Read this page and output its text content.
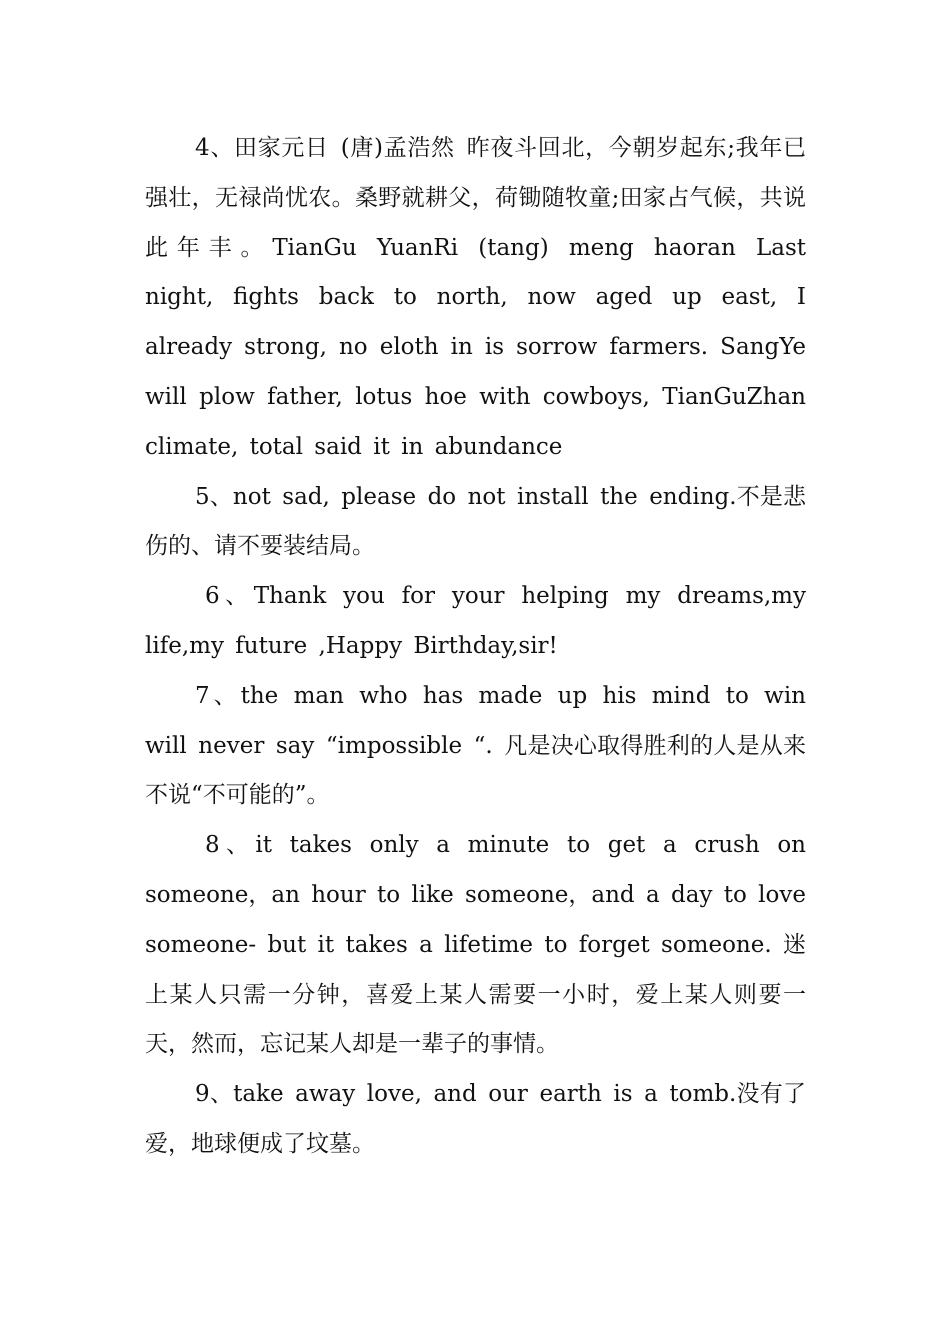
4、田家元日 (唐)孟浩然 昨夜斗回北，今朝岁起东;我年已强壮，无禄尚忧农。桑野就耕父，荷锄随牧童;田家占气候，共说此年丰。TianGu YuanRi (tang) meng haoran Last night, fights back to north, now aged up east, I already strong, no eloth in is sorrow farmers. SangYe will plow father, lotus hoe with cowboys, TianGuZhan climate, total said it in abundance

5、not sad, please do not install the ending.不是悲伤的、请不要装结局。

6、Thank you for your helping my dreams,my life,my future ,Happy Birthday,sir!

7、the man who has made up his mind to win will never say “impossible “. 凡是决心取得胜利的人是从来不说“不可能的”。

8、it takes only a minute to get a crush on someone，an hour to like someone，and a day to love someone- but it takes a lifetime to forget someone. 迷上某人只需一分钟，喜爱上某人需要一小时，爱上某人则要一天，然而，忘记某人却是一辈子的事情。

9、take away love, and our earth is a tomb.没有了爱，地球便成了坟墓。
